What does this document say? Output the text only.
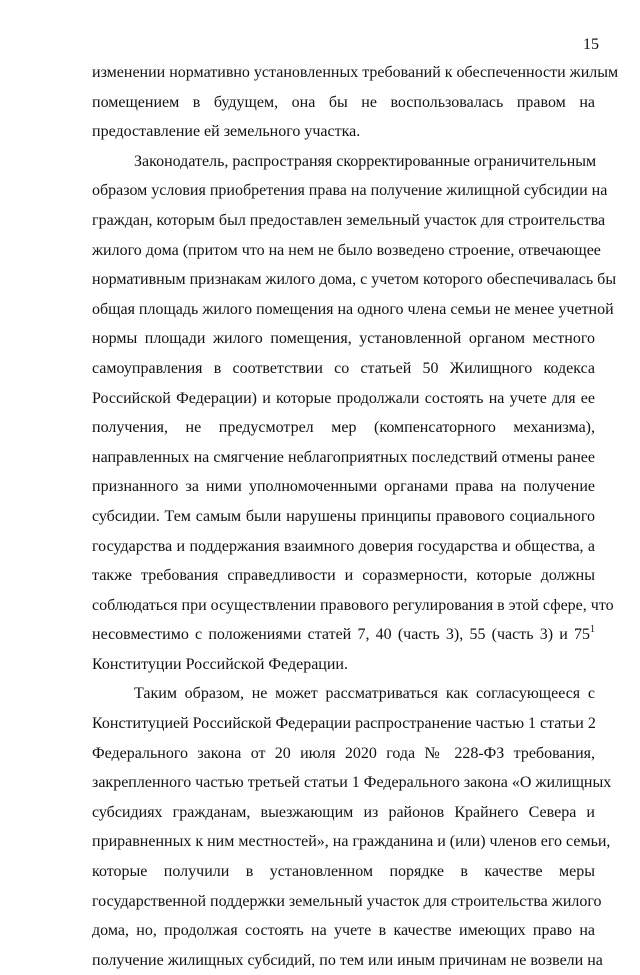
15
изменении нормативно установленных требований к обеспеченности жилым
помещением в будущем, она бы не воспользовалась правом на
предоставление ей земельного участка.
Законодатель, распространяя скорректированные ограничительным
образом условия приобретения права на получение жилищной субсидии на
граждан, которым был предоставлен земельный участок для строительства
жилого дома (притом что на нем не было возведено строение, отвечающее
нормативным признакам жилого дома, с учетом которого обеспечивалась бы
общая площадь жилого помещения на одного члена семьи не менее учетной
нормы площади жилого помещения, установленной органом местного
самоуправления в соответствии со статьей 50 Жилищного кодекса
Российской Федерации) и которые продолжали состоять на учете для ее
получения, не предусмотрел мер (компенсаторного механизма),
направленных на смягчение неблагоприятных последствий отмены ранее
признанного за ними уполномоченными органами права на получение
субсидии. Тем самым были нарушены принципы правового социального
государства и поддержания взаимного доверия государства и общества, а
также требования справедливости и соразмерности, которые должны
соблюдаться при осуществлении правового регулирования в этой сфере, что
несовместимо с положениями статей 7, 40 (часть 3), 55 (часть 3) и $75^1$
Конституции Российской Федерации.
Таким образом, не может рассматриваться как согласующееся с
Конституцией Российской Федерации распространение частью 1 статьи 2
Федерального закона от 20 июля 2020 года № 228-ФЗ требования,
закрепленного частью третьей статьи 1 Федерального закона «О жилищных
субсидиях гражданам, выезжающим из районов Крайнего Севера и
приравненных к ним местностей», на гражданина и (или) членов его семьи,
которые получили в установленном порядке в качестве меры
государственной поддержки земельный участок для строительства жилого
дома, но, продолжая состоять на учете в качестве имеющих право на
получение жилищных субсидий, по тем или иным причинам не возвели на
